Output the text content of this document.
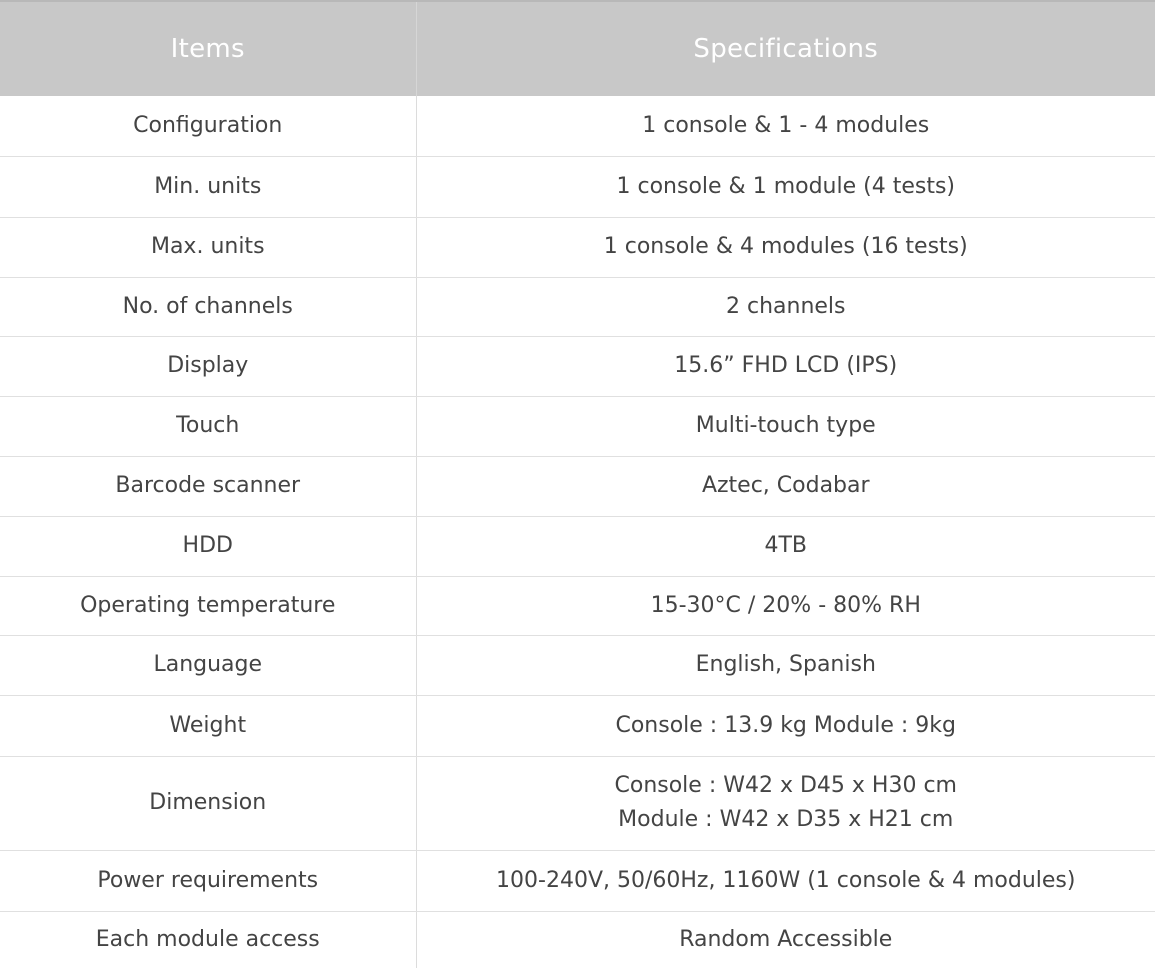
Items	Specifications
Configuration	1 console & 1 - 4 modules

Min. units	1 console & 1 module (4 tests)

Max. units	1 console & 4 modules (16 tests)

No. of channels	2 channels

Display	15.6” FHD LCD (IPS)

Touch	Multi-touch type

Barcode scanner	Aztec, Codabar

HDD	4TB

Operating temperature	15-30°C / 20% - 80% RH

Language	English, Spanish

Weight	Console : 13.9 kg Module : 9kg

Dimension	Console : W42 x D45 x H30 cm
Module : W42 x D35 x H21 cm

Power requirements	100-240V, 50/60Hz, 1160W (1 console & 4 modules)

Each module access	Random Accessible
